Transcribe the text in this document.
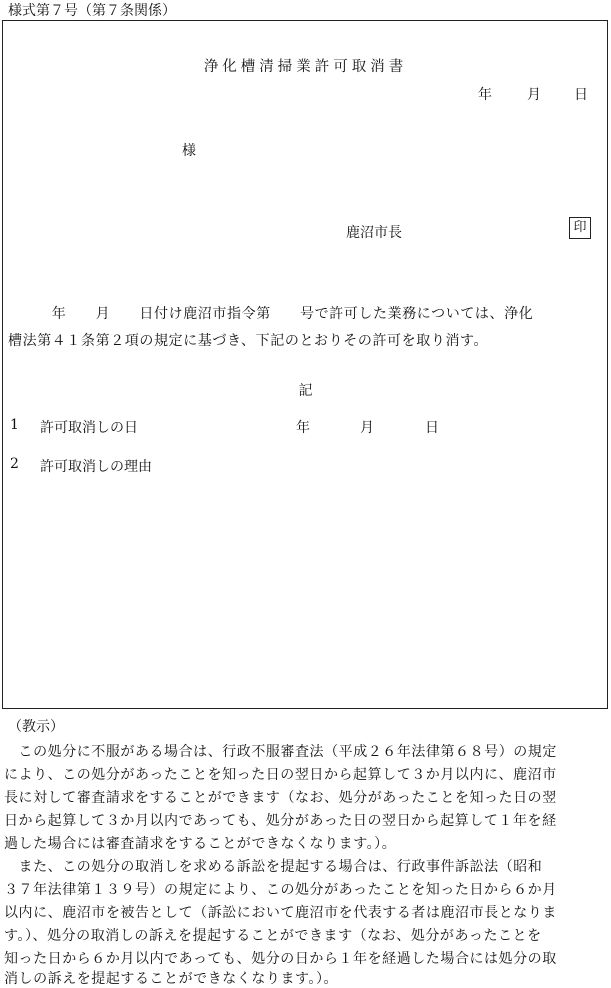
様式第７号（第７条関係）
浄化槽清掃業許可取消書
年	月 日
様
鹿沼市長	印
　　　年　　月　　日付け鹿沼市指令第　　号で許可した業務については、浄化
槽法第４１条第２項の規定に基づき、下記のとおりその許可を取り消す。
記
1 許可取消しの日	年	月	日
2 許可取消しの理由
（教示）
　この処分に不服がある場合は、行政不服審査法（平成２６年法律第６８号）の規定
により、この処分があったことを知った日の翌日から起算して３か月以内に、鹿沼市
長に対して審査請求をすることができます（なお、処分があったことを知った日の翌
日から起算して３か月以内であっても、処分があった日の翌日から起算して１年を経
過した場合には審査請求をすることができなくなります。）。
　また、この処分の取消しを求める訴訟を提起する場合は、行政事件訴訟法（昭和
３７年法律第１３９号）の規定により、この処分があったことを知った日から６か月
以内に、鹿沼市を被告として（訴訟において鹿沼市を代表する者は鹿沼市長となりま
す。）、処分の取消しの訴えを提起することができます（なお、処分があったことを
知った日から６か月以内であっても、処分の日から１年を経過した場合には処分の取
消しの訴えを提起することができなくなります。）。
